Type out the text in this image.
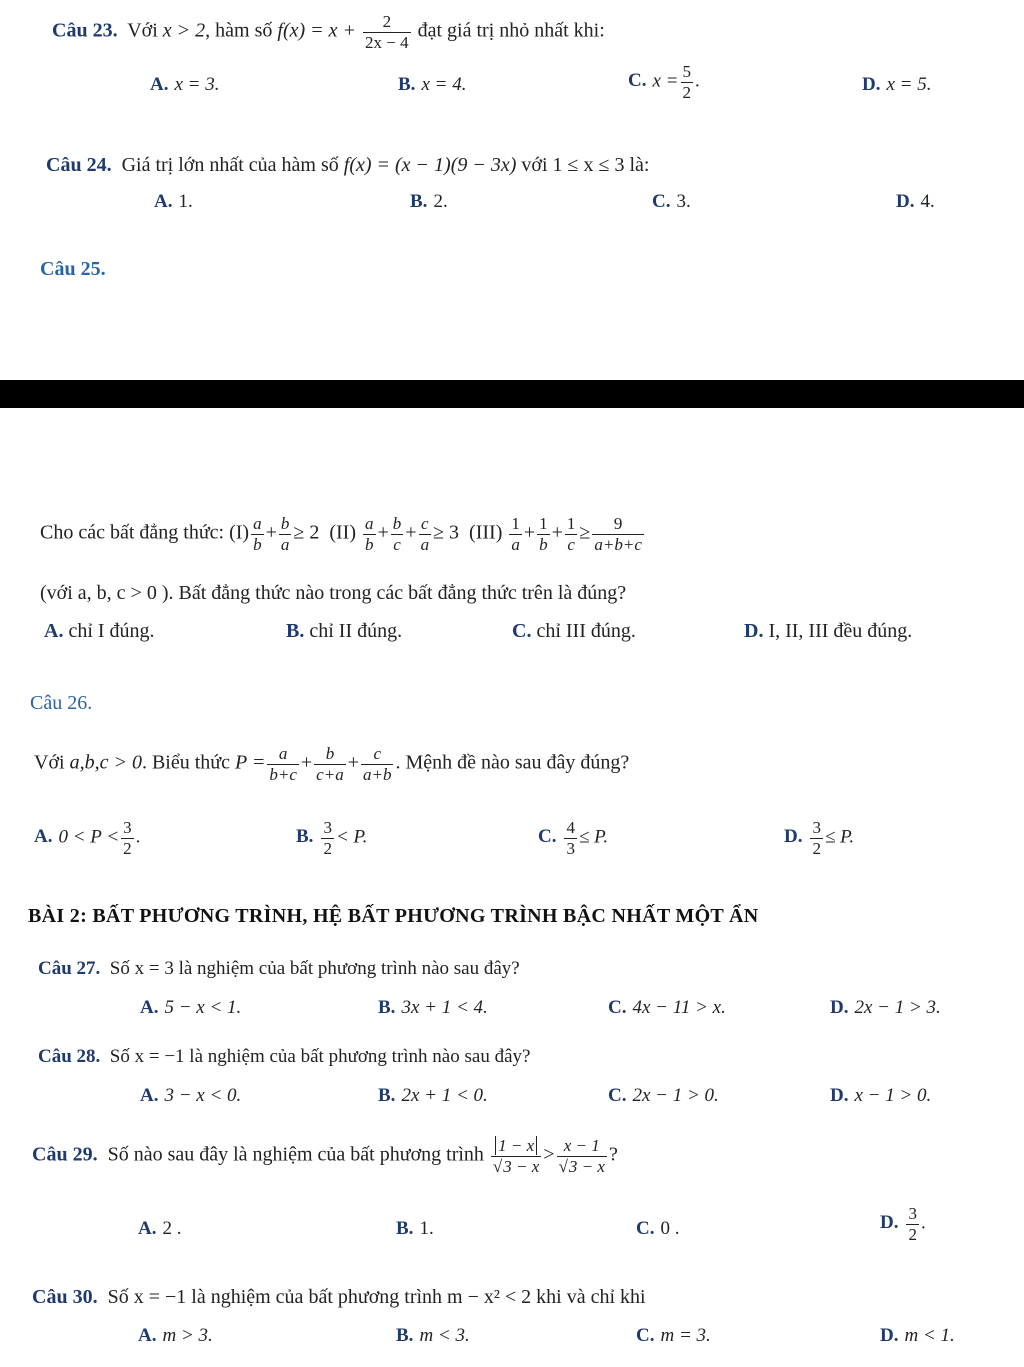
Câu 23. Với x > 2, hàm số $f(x) = x + \frac{2}{2x - 4}$ đạt giá trị nhỏ nhất khi:
A. x = 3.	B. x = 4.	C. $x = \frac{5}{2}$ .	D. x = 5.
Câu 24. Giá trị lớn nhất của hàm số f(x) = (x − 1)(9 − 3x) với 1 ≤ x ≤ 3 là:
A. 1.	B. 2.	C. 3.	D. 4.
Câu 25.
Cho các bất đẳng thức: $(I) \frac{a}{b} + \frac{b}{a} \ge 2$ $(II) \frac{a}{b} + \frac{b}{c} + \frac{c}{a} \ge 3$ $(III) \frac{1}{a} + \frac{1}{b} + \frac{1}{c} \ge \frac{9}{a+b+c}$
(với a, b, c > 0 ). Bất đẳng thức nào trong các bất đẳng thức trên là đúng?
A. chỉ I đúng.	B. chỉ II đúng.	C. chỉ III đúng.	D. I, II, III đều đúng.
Câu 26.
Với a,b,c > 0. Biểu thức $P = \frac{a}{b+c} + \frac{b}{c+a} + \frac{c}{a+b}$ . Mệnh đề nào sau đây đúng?
A. $0 < P < \frac{3}{2}$ .	B. $\frac{3}{2} < P$.	C. $\frac{4}{3} \le P$.	D. $\frac{3}{2} \le P$.
BÀI 2: BẤT PHƯƠNG TRÌNH, HỆ BẤT PHƯƠNG TRÌNH BẬC NHẤT MỘT ẨN
Câu 27. Số x = 3 là nghiệm của bất phương trình nào sau đây?
A. 5 − x < 1.	B. 3x + 1 < 4.	C. 4x − 11 > x.	D. 2x − 1 > 3.
Câu 28. Số x = −1 là nghiệm của bất phương trình nào sau đây?
A. 3 − x < 0.	B. 2x + 1 < 0.	C. 2x − 1 > 0.	D. x − 1 > 0.
Câu 29. Số nào sau đây là nghiệm của bất phương trình $\frac{1 - x}{√3 - x} > \frac{x - 1}{√3 - x}$ ?
A. 2 .	B. 1.	C. 0 .	D. $\frac{3}{2}$ .
Câu 30. Số x = −1 là nghiệm của bất phương trình m − x² < 2 khi và chỉ khi
A. m > 3.	B. m < 3.	C. m = 3.	D. m < 1.
